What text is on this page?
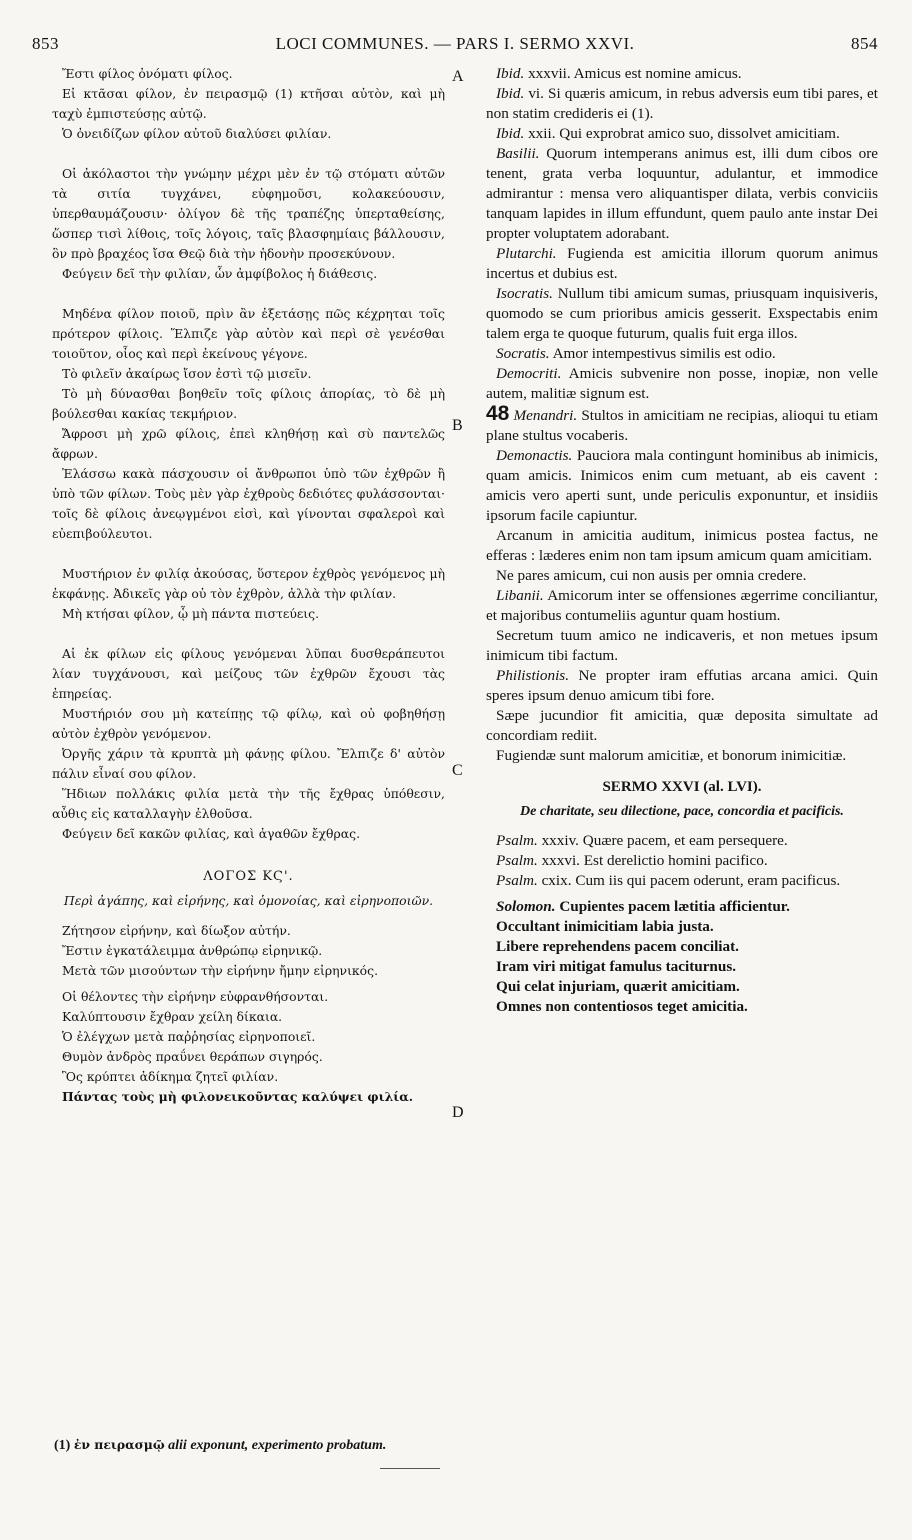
853	LOCI COMMUNES. — PARS I. SERMO XXVI.	854
A
B
C
D

Ἔστι φίλος ὀνόματι φίλος.

Εἰ κτᾶσαι φίλον, ἐν πειρασμῷ (1) κτῆσαι αὐτὸν, καὶ μὴ ταχὺ ἐμπιστεύσῃς αὐτῷ.

Ὁ ὀνειδίζων φίλον αὐτοῦ διαλύσει φιλίαν.

Οἱ ἀκόλαστοι τὴν γνώμην μέχρι μὲν ἐν τῷ στόματι αὐτῶν τὰ σιτία τυγχάνει, εὐφημοῦσι, κολακεύουσιν, ὑπερθαυμάζουσιν· ὀλίγον δὲ τῆς τραπέζης ὑπερταθείσης, ὥσπερ τισὶ λίθοις, τοῖς λόγοις, ταῖς βλασφημίαις βάλλουσιν, ὃν πρὸ βραχέος ἴσα Θεῷ διὰ τὴν ἡδονὴν προσεκύνουν.

Φεύγειν δεῖ τὴν φιλίαν, ὧν ἀμφίβολος ἡ διάθεσις.

Μηδένα φίλον ποιοῦ, πρὶν ἂν ἐξετάσῃς πῶς κέχρηται τοῖς πρότερον φίλοις. Ἔλπιζε γὰρ αὐτὸν καὶ περὶ σὲ γενέσθαι τοιοῦτον, οἷος καὶ περὶ ἐκείνους γέγονε.

Τὸ φιλεῖν ἀκαίρως ἴσον ἐστὶ τῷ μισεῖν.

Τὸ μὴ δύνασθαι βοηθεῖν τοῖς φίλοις ἀπορίας, τὸ δὲ μὴ βούλεσθαι κακίας τεκμήριον.

Ἄφροσι μὴ χρῶ φίλοις, ἐπεὶ κληθήσῃ καὶ σὺ παντελῶς ἄφρων.

Ἐλάσσω κακὰ πάσχουσιν οἱ ἄνθρωποι ὑπὸ τῶν ἐχθρῶν ἢ ὑπὸ τῶν φίλων. Τοὺς μὲν γὰρ ἐχθροὺς δεδιότες φυλάσσονται· τοῖς δὲ φίλοις ἀνεῳγμένοι εἰσὶ, καὶ γίνονται σφαλεροὶ καὶ εὐεπιβούλευτοι.

Μυστήριον ἐν φιλίᾳ ἀκούσας, ὕστερον ἐχθρὸς γενόμενος μὴ ἐκφάνῃς. Ἀδικεῖς γὰρ οὐ τὸν ἐχθρὸν, ἀλλὰ τὴν φιλίαν.

Μὴ κτήσαι φίλον, ᾧ μὴ πάντα πιστεύεις.

Αἱ ἐκ φίλων εἰς φίλους γενόμεναι λῦπαι δυσθεράπευτοι λίαν τυγχάνουσι, καὶ μείζους τῶν ἐχθρῶν ἔχουσι τὰς ἐπηρείας.

Μυστήριόν σου μὴ κατείπῃς τῷ φίλῳ, καὶ οὐ φοβηθήσῃ αὐτὸν ἐχθρὸν γενόμενον.

Ὀργῆς χάριν τὰ κρυπτὰ μὴ φάνῃς φίλου. Ἔλπιζε δ' αὐτὸν πάλιν εἶναί σου φίλον.

Ἥδιων πολλάκις φιλία μετὰ τὴν τῆς ἔχθρας ὑπόθεσιν, αὖθις εἰς καταλλαγὴν ἐλθοῦσα.

Φεύγειν δεῖ κακῶν φιλίας, καὶ ἀγαθῶν ἔχθρας.

ΛΟΓΟΣ ΚϚ'.

Περὶ ἀγάπης, καὶ εἰρήνης, καὶ ὁμονοίας, καὶ εἰρηνοποιῶν.

Ζήτησον εἰρήνην, καὶ δίωξον αὐτήν.

Ἔστιν ἐγκατάλειμμα ἀνθρώπῳ εἰρηνικῷ.

Μετὰ τῶν μισούντων τὴν εἰρήνην ἤμην εἰρηνικός.

Οἱ θέλοντες τὴν εἰρήνην εὐφρανθήσονται.

Καλύπτουσιν ἔχθραν χείλη δίκαια.

Ὁ ἐλέγχων μετὰ παῤῥησίας εἰρηνοποιεῖ.

Θυμὸν ἀνδρὸς πραΰνει θεράπων σιγηρός.

Ὃς κρύπτει ἀδίκημα ζητεῖ φιλίαν.

Πάντας τοὺς μὴ φιλονεικοῦντας καλύψει φιλία.

Ibid. xxxvii. Amicus est nomine amicus.

Ibid. vi. Si quæris amicum, in rebus adversis eum tibi pares, et non statim credideris ei (1).

Ibid. xxii. Qui exprobrat amico suo, dissolvet amicitiam.

Basilii. Quorum intemperans animus est, illi dum cibos ore tenent, grata verba loquuntur, adulantur, et immodice admirantur : mensa vero aliquantisper dilata, verbis conviciis tanquam lapides in illum effundunt, quem paulo ante instar Dei propter voluptatem adorabant.

Plutarchi. Fugienda est amicitia illorum quorum animus incertus et dubius est.

Isocratis. Nullum tibi amicum sumas, priusquam inquisiveris, quomodo se cum prioribus amicis gesserit. Exspectabis enim talem erga te quoque futurum, qualis fuit erga illos.

Socratis. Amor intempestivus similis est odio.

Democriti. Amicis subvenire non posse, inopiæ, non velle autem, malitiæ signum est.

48 Menandri. Stultos in amicitiam ne recipias, alioqui tu etiam plane stultus vocaberis.

Demonactis. Pauciora mala contingunt hominibus ab inimicis, quam amicis. Inimicos enim cum metuant, ab eis cavent : amicis vero aperti sunt, unde periculis exponuntur, et insidiis ipsorum facile capiuntur.

Arcanum in amicitia auditum, inimicus postea factus, ne efferas : læderes enim non tam ipsum amicum quam amicitiam.

Ne pares amicum, cui non ausis per omnia credere.

Libanii. Amicorum inter se offensiones ægerrime conciliantur, et majoribus contumeliis aguntur quam hostium.

Secretum tuum amico ne indicaveris, et non metues ipsum inimicum tibi factum.

Philistionis. Ne propter iram effutias arcana amici. Quin speres ipsum denuo amicum tibi fore.

Sæpe jucundior fit amicitia, quæ deposita simultate ad concordiam rediit.

Fugiendæ sunt malorum amicitiæ, et bonorum inimicitiæ.

SERMO XXVI (al. LVI).

De charitate, seu dilectione, pace, concordia et pacificis.

Psalm. xxxiv. Quære pacem, et eam persequere.

Psalm. xxxvi. Est derelictio homini pacifico.

Psalm. cxix. Cum iis qui pacem oderunt, eram pacificus.

Solomon. Cupientes pacem lætitia afficientur.

Occultant inimicitiam labia justa.

Libere reprehendens pacem conciliat.

Iram viri mitigat famulus taciturnus.

Qui celat injuriam, quærit amicitiam.

Omnes non contentiosos teget amicitia.

(1) ἐν πειρασμῷ alii exponunt, experimento probatum.
